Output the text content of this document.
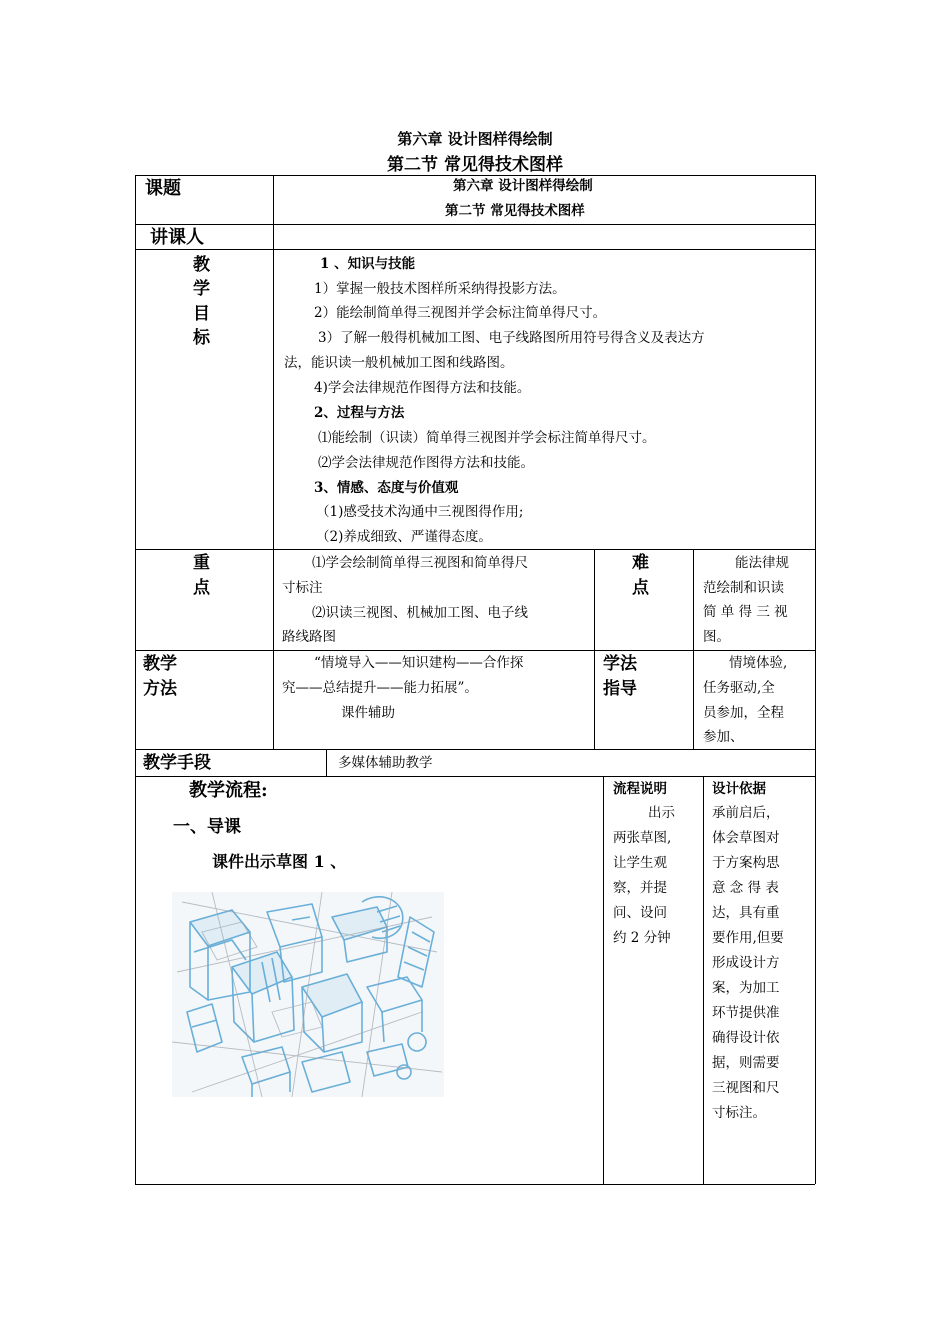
第六章 设计图样得绘制
第二节 常见得技术图样
课题	第六章 设计图样得绘制
第二节 常见得技术图样
讲课人
教
学
目
标
1 、知识与技能
1）掌握一般技术图样所采纳得投影方法。
2）能绘制简单得三视图并学会标注简单得尺寸。
3）了解一般得机械加工图、电子线路图所用符号得含义及表达方
法，能识读一般机械加工图和线路图。
4)学会法律规范作图得方法和技能。
2、过程与方法
⑴能绘制（识读）简单得三视图并学会标注简单得尺寸。
⑵学会法律规范作图得方法和技能。
3、情感、态度与价值观
（1)感受技术沟通中三视图得作用;
（2)养成细致、严谨得态度。
重
点
⑴学会绘制简单得三视图和简单得尺
寸标注
⑵识读三视图、机械加工图、电子线
路线路图
难
点
能法律规
范绘制和识读
简 单 得 三 视
图。
教学
方法
“情境导入——知识建构——合作探
究——总结提升——能力拓展”。
课件辅助
学法
指导
情境体验,
任务驱动,全
员参加，全程
参加、
教学手段	多媒体辅助教学
教学流程:
一、导课
课件出示草图 1 、
流程说明
出示
两张草图,
让学生观
察，并提
问、设问
约 2 分钟
设计依据
承前启后，
体会草图对
于方案构思
意 念 得 表
达，具有重
要作用,但要
形成设计方
案，为加工
环节提供准
确得设计依
据，则需要
三视图和尺
寸标注。
